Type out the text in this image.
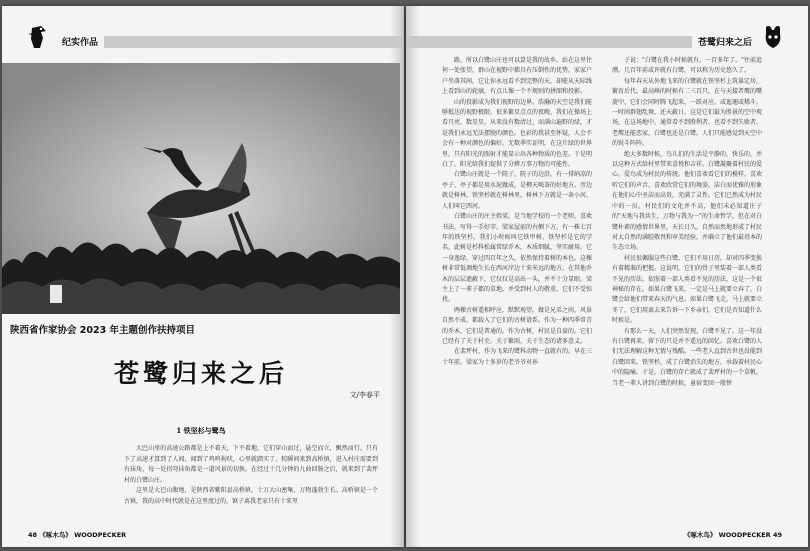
纪实作品
陕西省作家协会 2023 年主题创作扶持项目
苍鹭归来之后
文/李春平
1 铁坚杉与鹭鸟

大巴山里的高速公路都是上不着天，下不着地。它们穿山而过，悬空而立，飘然而行。只有下了高速才算到了人间，闻到了鸡鸣狗吠，心里就踏实了。转瞬间来到高桥镇，进入村庄需要到有抹角，每一处拐弯抹角都是一道风景的切换。在经过十几分钟的九曲回肠之后，就来到了裴坪村的白鹭山庄。

这里是大巴山腹地，是陕西省紫阳县高桥镇，十万大山密集，万物蓬勃生长。高桥镇是一个古镇，我的高中时代就是在这里度过的。镇子离我老家只有十来里

48 《啄木鸟》 WOODPECKER
苍鹭归来之后

路，所以白鹭山庄也可以算是我的故乡。站在这里往何一处张望，群山在视野中都具有压倒性的优势，家家户户坐落其间，它让你永远看不到完整的天，却能从天际线上看到山的轮廓，有点儿像一个不规则的拼图和投影。

山的投影成为我们视野的边界。浩瀚的天空是我们能够抵达的视野极限。很多繁星点点的夜晚，我们在操场上看月亮，数星星，从来没有数清过，而满山遍野的绿，才是我们永远无法摆脱的颜色。色彩的我甚至怀疑，人会不会有一种对颜色的偏好。无数季实证明，在这片绿的世界里，只有阳光的照射才能显示出各种物质的色差。于是明白了，阳光给我们提供了分辨万事万物的可能性。

白鹭山庄就是一个院子，院子的边沿，有一排纳凉的亭子，亭子都是用水泥做成，是柳天喝茶的好地方。旁边就是树林，铁坚杉就在树林里，树林下方就是一条小河，人们叫它西河。

白鹭山庄的庄主姓梁，是当地学校的一个老师，喜欢书法，写得一手好字。梁家屋前的右侧下方，有一株七百年的铁坚杉，我们小时候叫它铁甲树。铁坚杉是它的学名，此树是杉科松属常绿乔木，木质细腻，坚实耐用。它一身逸绿，穿过四百年之久，依然保持着树的本色。这棵树非常低调地生长在西河岸边十来米远的地方，在其他乔木的层层遮蔽下，它仅仅是高出一头，并不十分显眼。梁主上了一辈子都的草地，并受到村人的敬重，它们不受惊扰。

两棵古树遥相呼应，默默观望，做是兄弟之间，风景自然不成。都载入了它们的古树谱系。作为一种四季常青的乔木，它们是普通的。作为古树，村民是自豪的。它们已经有了关于村史。关于繁雨，关于生态的诸多意义。

在裴坪村，作为飞来的鹭科动物一直就有的。早在三十年前，梁家为十多岁的老爷爷对孙

子说："白鹭在我小时候就有，一百多年了。"往前追溯，几百年前或许就有白鹭，可以称为历史悠久了。

每年春天从外地飞来的白鹭就在铁坚杉上筑巢定居，繁育后代。最高峰的时候有二三百只，在与天接者鹰的嘴旋中，它们会同时腾飞起来，一跃对应，或迤逦或稀斗，一时间群翅乱舞，还天蔽日。这是它们最为胜景的空中观场，在这场地中，通常看不到胜利者，也看不到失败者，老鹰还能恋家，白鹭也还是白鹭。人们只能感觉到天空中的锐斗阵阵。

绝大多数时候，鸟儿们的生活是平静的，快乐的，并以这种方式给村里带来喜悦和吉祥。白鹭凝聚着村民的爱心，爱鸟成为村民的传统。他们喜欢看它们的模样，喜欢听它们的声音，喜欢欣赏它们的舞姿。洁白而优雅的形象在他们心中圣洁而高贵，充满了灵性。它们已然成为村民中的一员。村民们的文化并不高，他们未必知道庄子的"天地与我共生，万物与我为一"的生命哲学，但在对白鹭朴素的感情世界里，天长日久，自然而然地形成了村民对大自然的满腔敬畏和审美经验，并确立了他们最基本的生态立场。

村民很佩服这些白鹭。它们不用日历，却对四季变换有着精准的把握。这说明，它们的骨子里装着一部人类看不见的历法。依照着一部人类看不见的历法，这是一个很神秘的存在。如果白鹭飞来，一定是马上就要立春了，白鹭会给他们带来春天的气息。如果白鹭飞走，马上就要立冬了，它们用离去来告诉一下乡亲们，它们是否知道什么时候是。

有那么一天，人们突然发现，白鹭不见了。这一年没有白鹭再来。留下的只是并不遥远的回忆。喜欢白鹭的人们无法理解这种无情与残酷。一些老人直到古世也没能到白鹭回来。铁坚杉，成了白鹭消失的地方，承载着村民心中的隐痛。于是，白鹭的存亡就成了裴坪村的一个草帆，当老一辈人讲到白鹭的时候，童宿变回一般惨

《啄木鸟》 WOODPECKER 49
